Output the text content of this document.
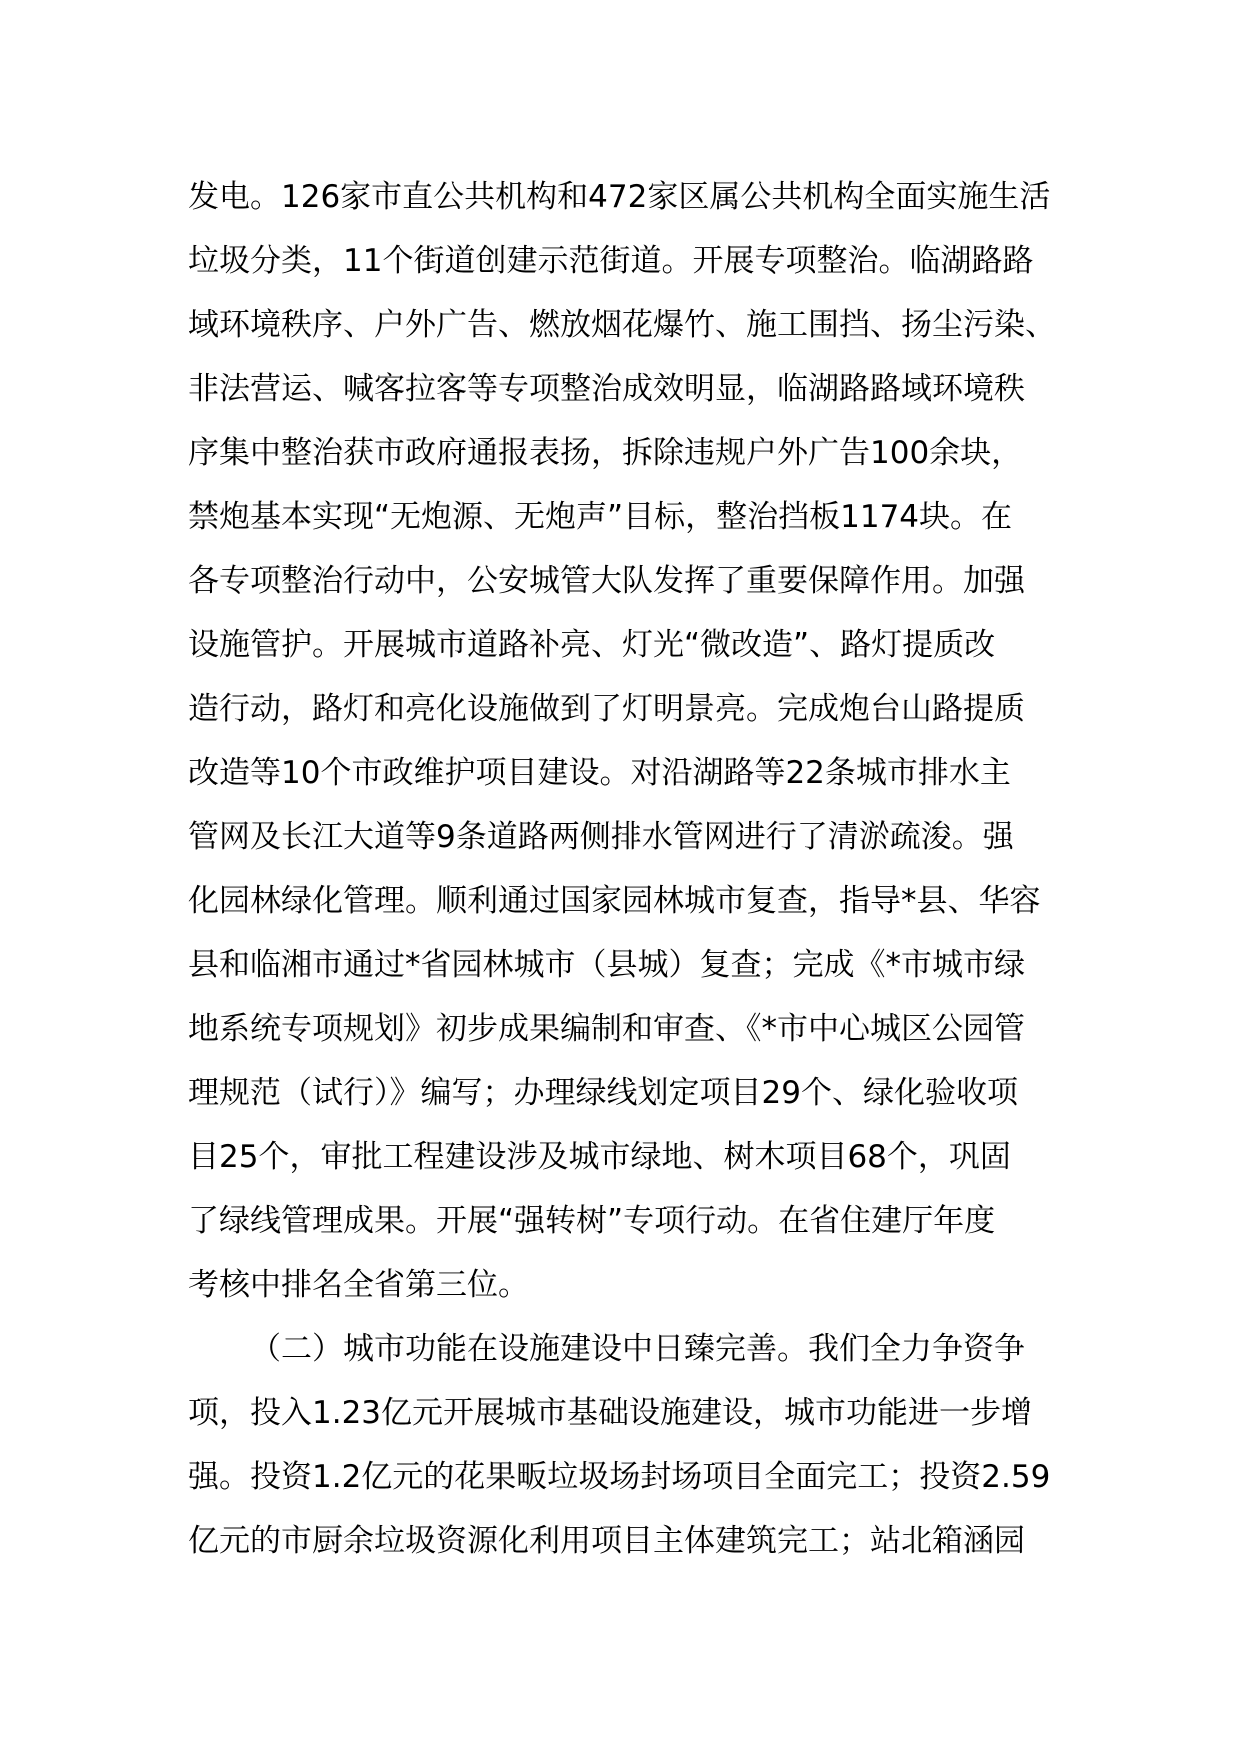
发电。126家市直公共机构和472家区属公共机构全面实施生活
垃圾分类，11个街道创建示范街道。开展专项整治。临湖路路
域环境秩序、户外广告、燃放烟花爆竹、施工围挡、扬尘污染、
非法营运、喊客拉客等专项整治成效明显，临湖路路域环境秩
序集中整治获市政府通报表扬，拆除违规户外广告100余块，
禁炮基本实现“无炮源、无炮声”目标，整治挡板1174块。在
各专项整治行动中，公安城管大队发挥了重要保障作用。加强
设施管护。开展城市道路补亮、灯光“微改造”、路灯提质改
造行动，路灯和亮化设施做到了灯明景亮。完成炮台山路提质
改造等10个市政维护项目建设。对沿湖路等22条城市排水主
管网及长江大道等9条道路两侧排水管网进行了清淤疏浚。强
化园林绿化管理。顺利通过国家园林城市复查，指导*县、华容
县和临湘市通过*省园林城市（县城）复查；完成《*市城市绿
地系统专项规划》初步成果编制和审查、《*市中心城区公园管
理规范（试行）》编写；办理绿线划定项目29个、绿化验收项
目25个，审批工程建设涉及城市绿地、树木项目68个，巩固
了绿线管理成果。开展“强转树”专项行动。在省住建厅年度
考核中排名全省第三位。
（二）城市功能在设施建设中日臻完善。我们全力争资争
项，投入1.23亿元开展城市基础设施建设，城市功能进一步增
强。投资1.2亿元的花果畈垃圾场封场项目全面完工；投资2.59
亿元的市厨余垃圾资源化利用项目主体建筑完工；站北箱涵园
